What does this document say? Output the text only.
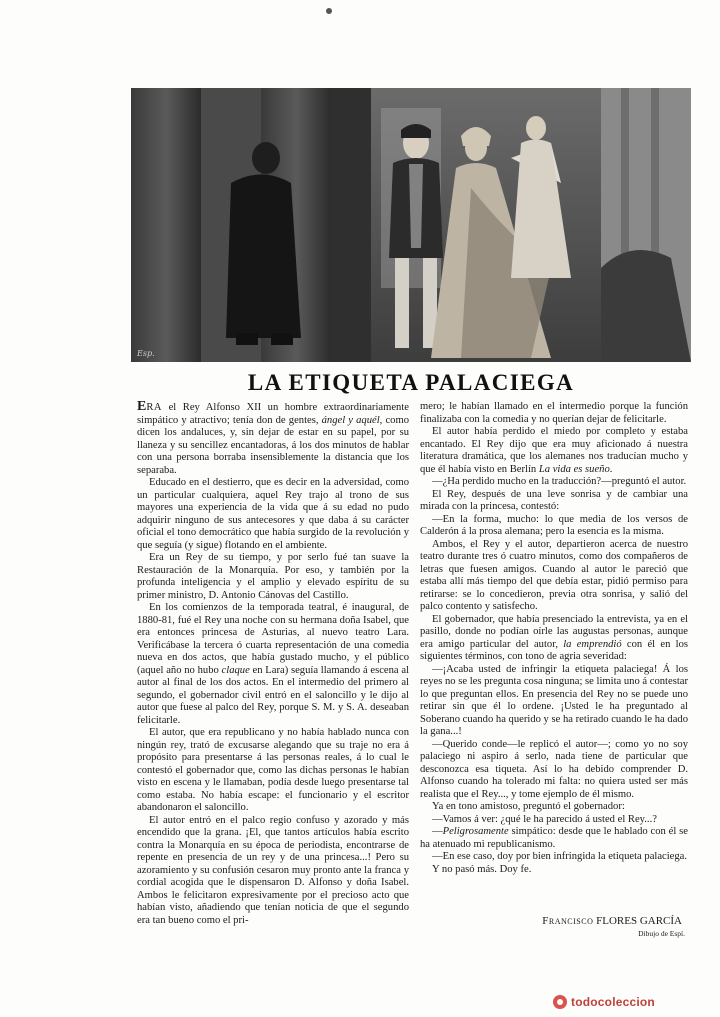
Esp.
LA ETIQUETA PALACIEGA

ERA el Rey Alfonso XII un hombre extraordinariamente simpático y atractivo; tenía don de gentes, ángel y aquél, como dicen los andaluces, y, sin dejar de estar en su papel, por su llaneza y su sencillez encantadoras, á los dos minutos de hablar con una persona borraba insensiblemente la distancia que los separaba.

Educado en el destierro, que es decir en la adversidad, como un particular cualquiera, aquel Rey trajo al trono de sus mayores una experiencia de la vida que á su edad no pudo adquirir ninguno de sus antecesores y que daba á su carácter oficial el tono democrático que había surgido de la revolución y que seguía (y sigue) flotando en el ambiente.

Era un Rey de su tiempo, y por serlo fué tan suave la Restauración de la Monarquía. Por eso, y también por la profunda inteligencia y el amplio y elevado espíritu de su primer ministro, D. Antonio Cánovas del Castillo.

En los comienzos de la temporada teatral, é inaugural, de 1880-81, fué el Rey una noche con su hermana doña Isabel, que era entonces princesa de Asturias, al nuevo teatro Lara. Verificábase la tercera ó cuarta representación de una comedia nueva en dos actos, que había gustado mucho, y el público (aquel año no hubo claque en Lara) seguía llamando á escena al autor al final de los dos actos. En el intermedio del primero al segundo, el gobernador civil entró en el saloncillo y le dijo al autor que fuese al palco del Rey, porque S. M. y S. A. deseaban felicitarle.

El autor, que era republicano y no había hablado nunca con ningún rey, trató de excusarse alegando que su traje no era á propósito para presentarse á las personas reales, á lo cual le contestó el gobernador que, como las dichas personas le habían visto en escena y le llamaban, podía desde luego presentarse tal como estaba. No había escape: el funcionario y el escritor abandonaron el saloncillo.

El autor entró en el palco regio confuso y azorado y más encendido que la grana. ¡El, que tantos artículos había escrito contra la Monarquía en su época de periodista, encontrarse de repente en presencia de un rey y de una princesa...! Pero su azoramiento y su confusión cesaron muy pronto ante la franca y cordial acogida que le dispensaron D. Alfonso y doña Isabel. Ambos le felicitaron expresivamente por el precioso acto que habían visto, añadiendo que tenían noticia de que el segundo era tan bueno como el pri-

mero; le habían llamado en el intermedio porque la función finalizaba con la comedia y no querían dejar de felicitarle.

El autor había perdido el miedo por completo y estaba encantado. El Rey dijo que era muy aficionado á nuestra literatura dramática, que los alemanes nos traducían mucho y que él había visto en Berlín La vida es sueño.

—¿Ha perdido mucho en la traducción?—preguntó el autor.

El Rey, después de una leve sonrisa y de cambiar una mirada con la princesa, contestó:

—En la forma, mucho: lo que media de los versos de Calderón á la prosa alemana; pero la esencia es la misma.

Ambos, el Rey y el autor, departieron acerca de nuestro teatro durante tres ó cuatro minutos, como dos compañeros de letras que fuesen amigos. Cuando al autor le pareció que estaba allí más tiempo del que debía estar, pidió permiso para retirarse: se lo concedieron, previa otra sonrisa, y salió del palco contento y satisfecho.

El gobernador, que había presenciado la entrevista, ya en el pasillo, donde no podían oírle las augustas personas, aunque era amigo particular del autor, la emprendió con él en los siguientes términos, con tono de agria severidad:

—¡Acaba usted de infringir la etiqueta palaciega! Á los reyes no se les pregunta cosa ninguna; se limita uno á contestar lo que preguntan ellos. En presencia del Rey no se puede uno retirar sin que él lo ordene. ¡Usted le ha preguntado al Soberano cuando ha querido y se ha retirado cuando le ha dado la gana...!

—Querido conde—le replicó el autor—; como yo no soy palaciego ni aspiro á serlo, nada tiene de particular que desconozca esa tiqueta. Así lo ha debido comprender D. Alfonso cuando ha tolerado mi falta: no quiera usted ser más realista que el Rey..., y tome ejemplo de él mismo.

Ya en tono amistoso, preguntó el gobernador:

—Vamos á ver: ¿qué le ha parecido á usted el Rey...?

—Peligrosamente simpático: desde que le hablado con él se ha atenuado mi republicanismo.

—En ese caso, doy por bien infringida la etiqueta palaciega.

Y no pasó más. Doy fe.

Francisco FLORES GARCÍA
Dibujo de Espí.
todocoleccion
